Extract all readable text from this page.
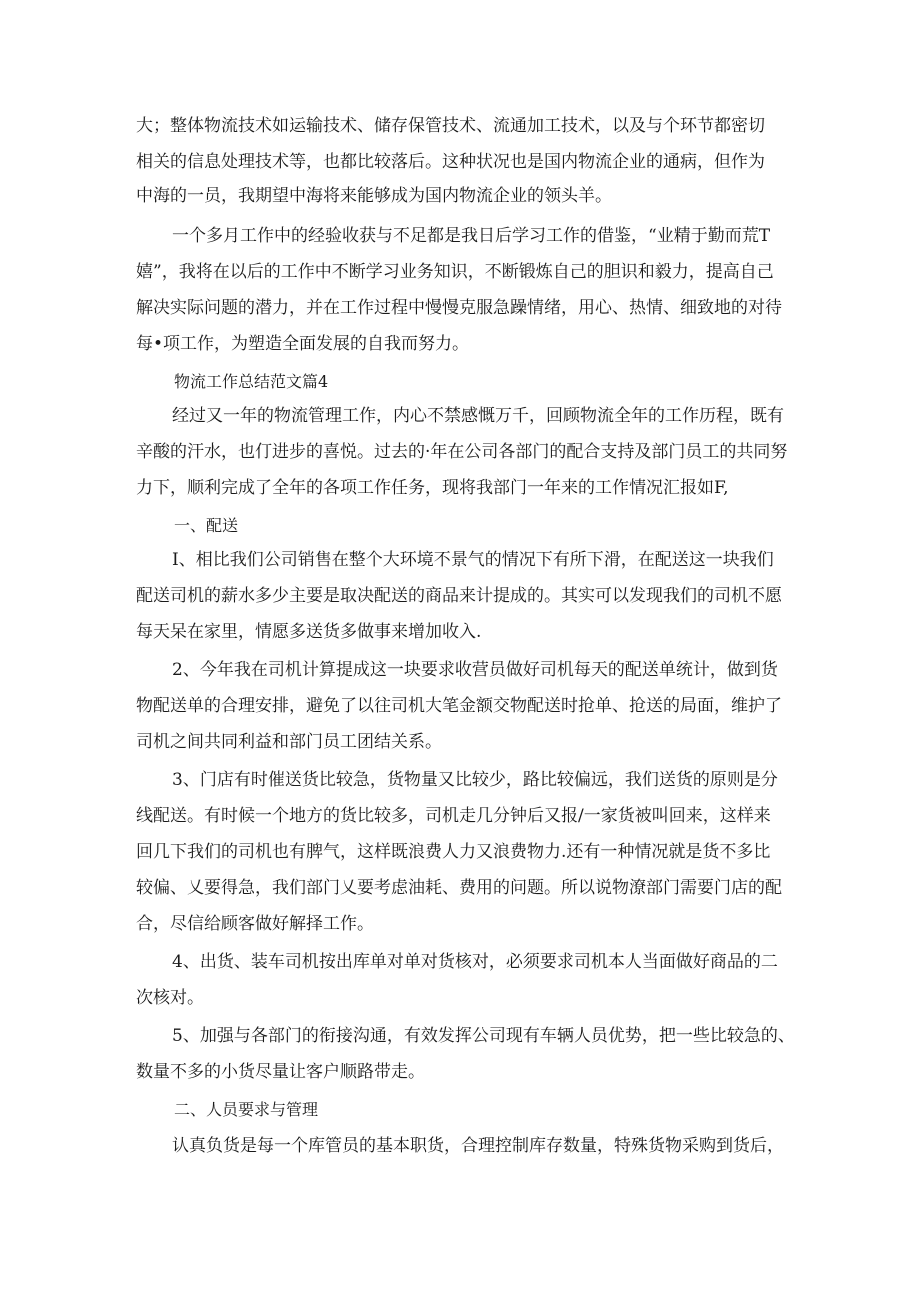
大；整体物流技术如运输技术、储存保管技术、流通加工技术，以及与个环节都密切
相关的信息处理技术等，也都比较落后。这种状况也是国内物流企业的通病，但作为
中海的一员，我期望中海将来能够成为国内物流企业的领头羊。
一个多月工作中的经验收获与不足都是我日后学习工作的借鉴，“业精于勤而荒T
嬉”，我将在以后的工作中不断学习业务知识，不断锻炼自己的胆识和毅力，提高自己
解决实际问题的潜力，并在工作过程中慢慢克服急躁情绪，用心、热情、细致地的对待
每•项工作，为塑造全面发展的自我而努力。
物流工作总结范文篇4
经过又一年的物流管理工作，内心不禁感慨万千，回顾物流全年的工作历程，既有
辛酸的汗水，也仃进步的喜悦。过去的·年在公司各部门的配合支持及部门员工的共同努
力下，顺利完成了全年的各项工作任务，现将我部门一年来的工作情况汇报如F,
一、配送
I、相比我们公司销售在整个大环境不景气的情况下有所下滑，在配送这一块我们
配送司机的薪水多少主要是取决配送的商品来计提成的。其实可以发现我们的司机不愿
每天呆在家里，情愿多送货多做事来增加收入.
2、今年我在司机计算提成这一块要求收营员做好司机每天的配送单统计，做到货
物配送单的合理安排，避免了以往司机大笔金额交物配送时抢单、抢送的局面，维护了
司机之间共同利益和部门员工团结关系。
3、门店有时催送货比较急，货物量又比较少，路比较偏远，我们送货的原则是分
线配送。有时候一个地方的货比较多，司机走几分钟后又报/一家货被叫回来，这样来
回几下我们的司机也有脾气，这样既浪费人力又浪费物力.还有一种情况就是货不多比
较偏、乂要得急，我们部门乂要考虑油耗、费用的问题。所以说物潦部门需要门店的配
合，尽信给顾客做好解择工作。
4、出货、装车司机按出库单对单对货核对，必须要求司机本人当面做好商品的二
次核对。
5、加强与各部门的衔接沟通，有效发挥公司现有车辆人员优势，把一些比较急的、
数量不多的小货尽量让客户顺路带走。
二、人员要求与管理
认真负货是每一个库管员的基本职货，合理控制库存数量，特殊货物采购到货后，
